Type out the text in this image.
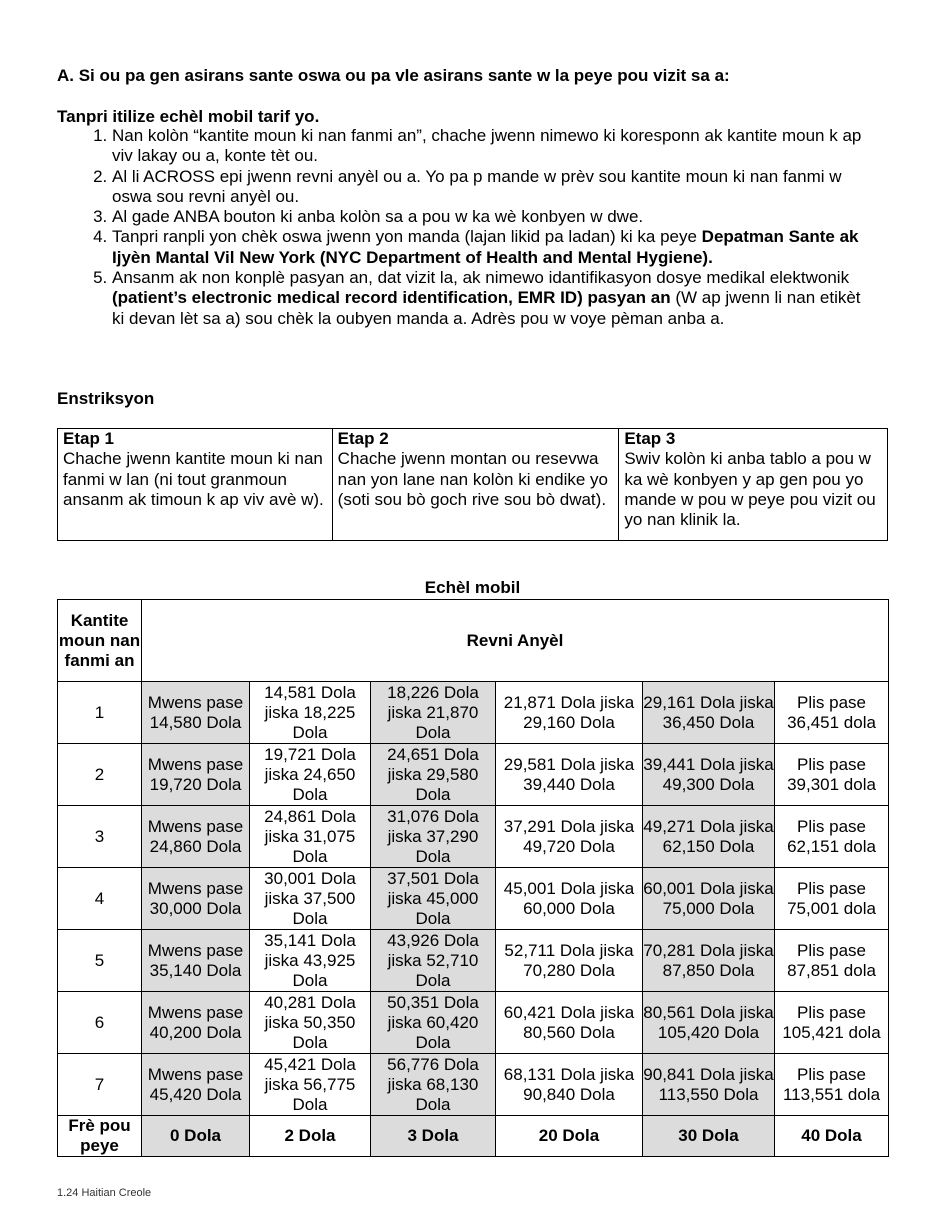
A. Si ou pa gen asirans sante oswa ou pa vle asirans sante w la peye pou vizit sa a:
Tanpri itilize echèl mobil tarif yo.
1. Nan kolòn “kantite moun ki nan fanmi an”, chache jwenn nimewo ki koresponn ak kantite moun k ap viv lakay ou a, konte tèt ou.
2. Al li ACROSS epi jwenn revni anyèl ou a. Yo pa p mande w prèv sou kantite moun ki nan fanmi w oswa sou revni anyèl ou.
3. Al gade ANBA bouton ki anba kolòn sa a pou w ka wè konbyen w dwe.
4. Tanpri ranpli yon chèk oswa jwenn yon manda (lajan likid pa ladan) ki ka peye Depatman Sante ak Ijyèn Mantal Vil New York (NYC Department of Health and Mental Hygiene).
5. Ansanm ak non konplè pasyan an, dat vizit la, ak nimewo idantifikasyon dosye medikal elektwonik (patient’s electronic medical record identification, EMR ID) pasyan an (W ap jwenn li nan etikèt ki devan lèt sa a) sou chèk la oubyen manda a. Adrès pou w voye pèman anba a.
Enstriksyon
Etap 1
Chache jwenn kantite moun ki nan fanmi w lan (ni tout granmoun ansanm ak timoun k ap viv avè w).	
Etap 2
Chache jwenn montan ou resevwa nan yon lane nan kolòn ki endike yo (soti sou bò goch rive sou bò dwat).	
Etap 3
Swiv kolòn ki anba tablo a pou w ka wè konbyen y ap gen pou yo mande w pou w peye pou vizit ou yo nan klinik la.
Echèl mobil
Kantite moun nan fanmi an	Revni Anyèl					
1	Mwens pase 14,580 Dola	14,581 Dola jiska 18,225 Dola	18,226 Dola jiska 21,870 Dola	21,871 Dola jiska 29,160 Dola	29,161 Dola jiska 36,450 Dola	Plis pase 36,451 dola
2	Mwens pase 19,720 Dola	19,721 Dola jiska 24,650 Dola	24,651 Dola jiska 29,580 Dola	29,581 Dola jiska 39,440 Dola	39,441 Dola jiska 49,300 Dola	Plis pase 39,301 dola
3	Mwens pase 24,860 Dola	24,861 Dola jiska 31,075 Dola	31,076 Dola jiska 37,290 Dola	37,291 Dola jiska 49,720 Dola	49,271 Dola jiska 62,150 Dola	Plis pase 62,151 dola
4	Mwens pase 30,000 Dola	30,001 Dola jiska 37,500 Dola	37,501 Dola jiska 45,000 Dola	45,001 Dola jiska 60,000 Dola	60,001 Dola jiska 75,000 Dola	Plis pase 75,001 dola
5	Mwens pase 35,140 Dola	35,141 Dola jiska 43,925 Dola	43,926 Dola jiska 52,710 Dola	52,711 Dola jiska 70,280 Dola	70,281 Dola jiska 87,850 Dola	Plis pase 87,851 dola
6	Mwens pase 40,200 Dola	40,281 Dola jiska 50,350 Dola	50,351 Dola jiska 60,420 Dola	60,421 Dola jiska 80,560 Dola	80,561 Dola jiska 105,420 Dola	Plis pase 105,421 dola
7	Mwens pase 45,420 Dola	45,421 Dola jiska 56,775 Dola	56,776 Dola jiska 68,130 Dola	68,131 Dola jiska 90,840 Dola	90,841 Dola jiska 113,550 Dola	Plis pase 113,551 dola
Frè pou peye	0 Dola	2 Dola	3 Dola	20 Dola	30 Dola	40 Dola
1.24 Haitian Creole
